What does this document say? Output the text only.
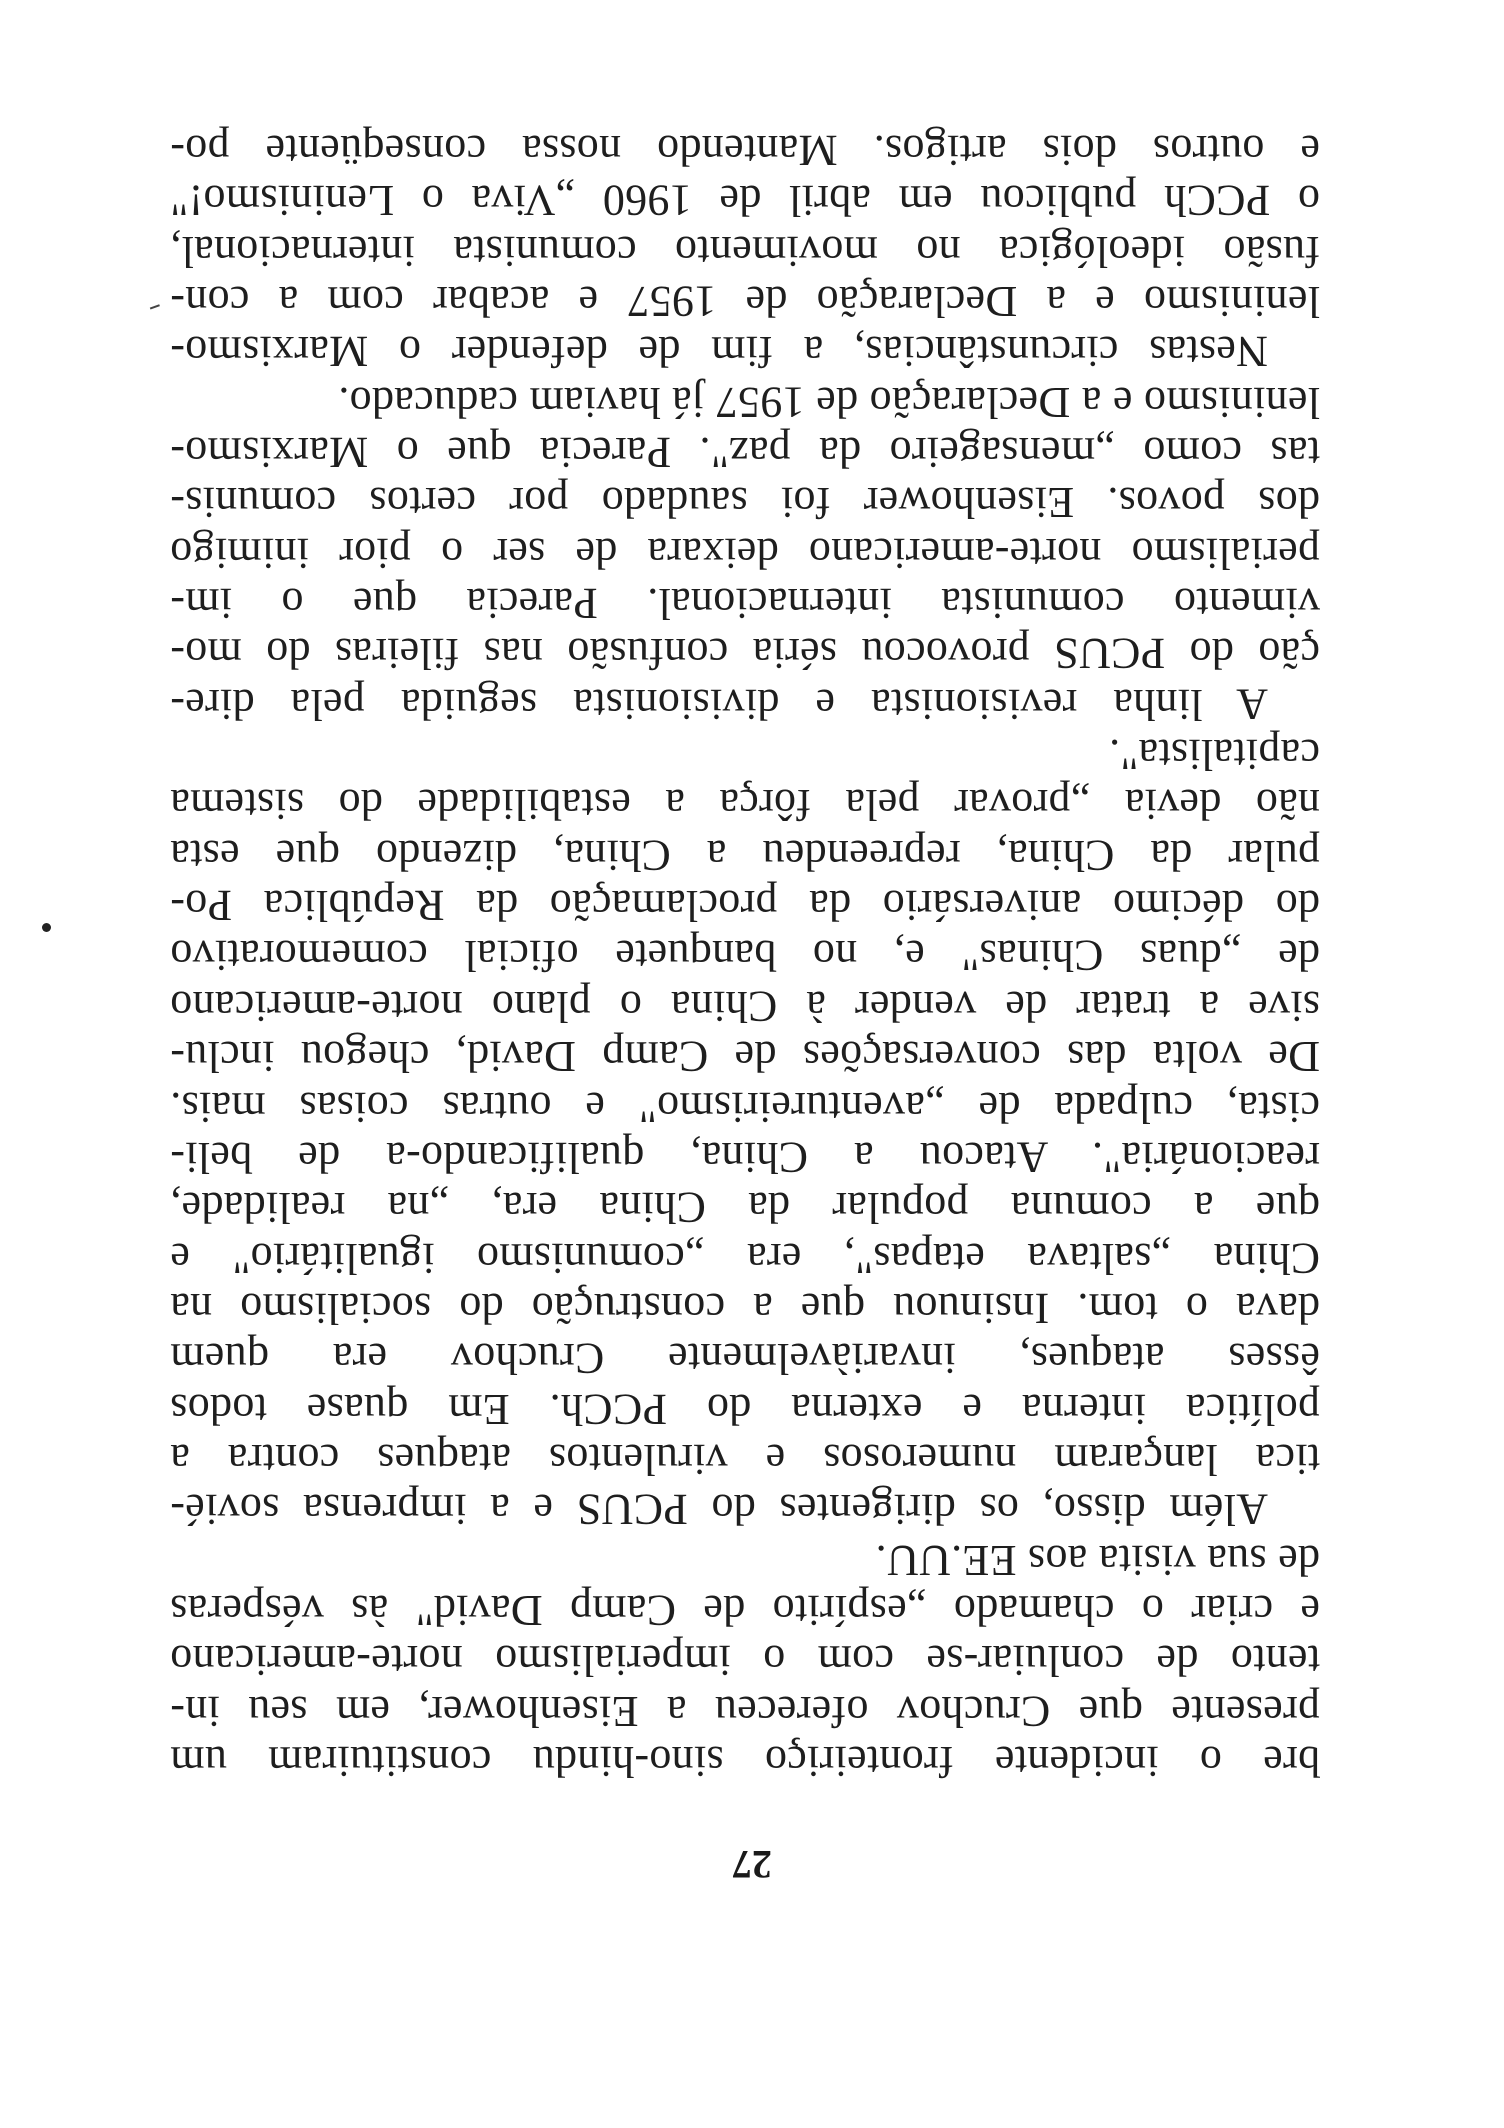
27
bre o incidente fronteiriço sino-hindu constituiram um
presente que Cruchov ofereceu a Eisenhower, em seu in-
tento de conluiar-se com o imperialismo norte-americano
e criar o chamado „espírito de Camp David" às vésperas
de sua visita aos EE.UU.
Além disso, os dirigentes do PCUS e a imprensa sovié-
tica lançaram numerosos e virulentos ataques contra a
política interna e externa do PCCh. Em quase todos
êsses ataques, invariàvelmente Cruchov era quem
dava o tom. Insinuou que a construção do socialismo na
China „saltava etapas", era „comunismo igualitário" e
que a comuna popular da China era, „na realidade,
reacionária". Atacou a China, qualificando-a de beli-
cista, culpada de „aventureirismo" e outras coisas mais.
De volta das conversações de Camp David, chegou inclu-
sive a tratar de vender à China o plano norte-americano
de „duas Chinas" e, no banquete oficial comemorativo
do décimo aniversário da proclamação da República Po-
pular da China, repreendeu a China, dizendo que esta
não devia „provar pela fôrça a estabilidade do sistema
capitalista".
A linha revisionista e divisionista seguida pela dire-
ção do PCUS provocou séria confusão nas fileiras do mo-
vimento comunista internacional. Parecia que o im-
perialismo norte-americano deixara de ser o pior inimigo
dos povos. Eisenhower foi saudado por certos comunis-
tas como „mensageiro da paz". Parecia que o Marxismo-
leninismo e a Declaração de 1957 já haviam caducado.
Nestas circunstâncias, a fim de defender o Marxismo-
leninismo e a Declaração de 1957 e acabar com a con-
fusão ideológica no movimento comunista internacional,
o PCCh publicou em abril de 1960 „Viva o Leninismo!"
e outros dois artigos. Mantendo nossa conseqüente po-
